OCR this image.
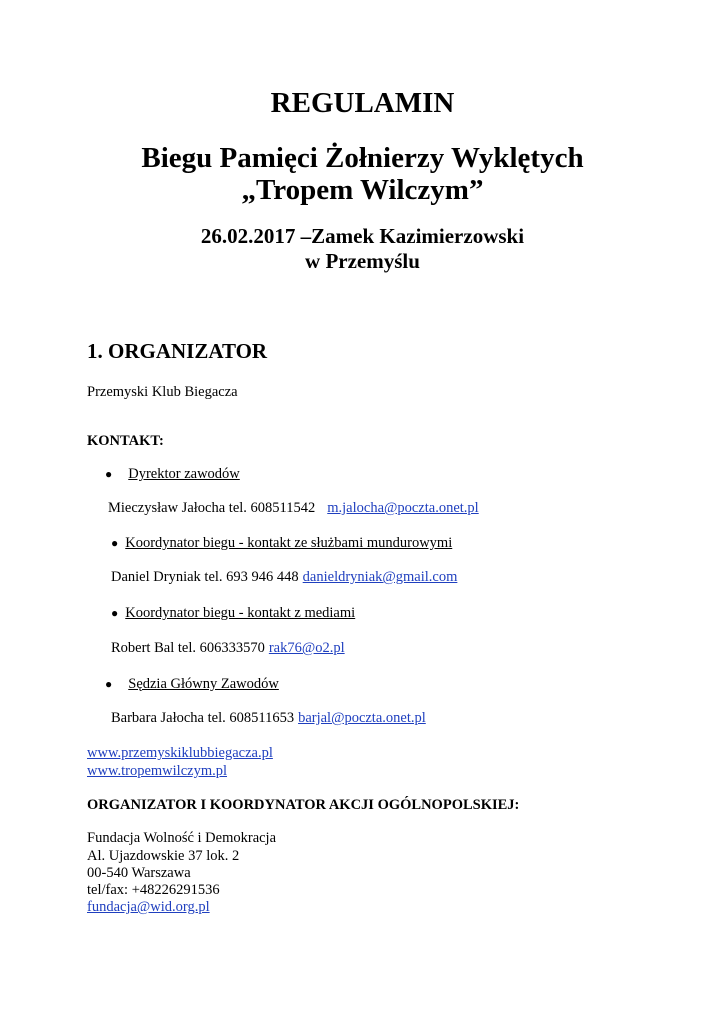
REGULAMIN
Biegu Pamięci Żołnierzy Wyklętych
„Tropem Wilczym”
26.02.2017 –Zamek Kazimierzowski
w Przemyślu
1. ORGANIZATOR
Przemyski Klub Biegacza
KONTAKT:
● Dyrektor zawodów
Mieczysław Jałocha tel. 608511542 m.jalocha@poczta.onet.pl
● Koordynator biegu - kontakt ze służbami mundurowymi
Daniel Dryniak tel. 693 946 448 danieldryniak@gmail.com
● Koordynator biegu - kontakt z mediami
Robert Bal tel. 606333570 rak76@o2.pl
● Sędzia Główny Zawodów
Barbara Jałocha tel. 608511653 barjal@poczta.onet.pl
www.przemyskiklubbiegacza.pl
www.tropemwilczym.pl
ORGANIZATOR I KOORDYNATOR AKCJI OGÓLNOPOLSKIEJ:
Fundacja Wolność i Demokracja
Al. Ujazdowskie 37 lok. 2
00-540 Warszawa
tel/fax: +48226291536
fundacja@wid.org.pl
